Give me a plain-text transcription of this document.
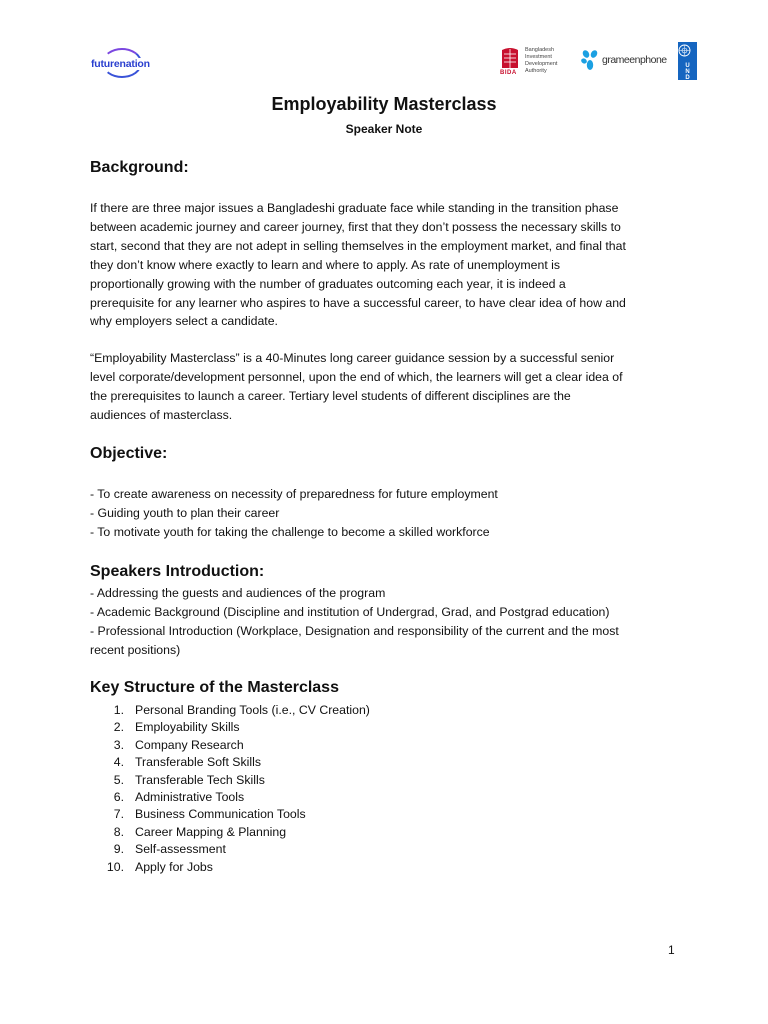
futurenation
Bangladesh Investment Development Authority
BIDA
grameenphone	U
N
D
P
Employability Masterclass
Speaker Note
Background:

If there are three major issues a Bangladeshi graduate face while standing in the transition phase
between academic journey and career journey, first that they don’t possess the necessary skills to
start, second that they are not adept in selling themselves in the employment market, and final that
they don’t know where exactly to learn and where to apply. As rate of unemployment is
proportionally growing with the number of graduates outcoming each year, it is indeed a
prerequisite for any learner who aspires to have a successful career, to have clear idea of how and
why employers select a candidate.

“Employability Masterclass” is a 40-Minutes long career guidance session by a successful senior
level corporate/development personnel, upon the end of which, the learners will get a clear idea of
the prerequisites to launch a career. Tertiary level students of different disciplines are the
audiences of masterclass.

Objective:

- To create awareness on necessity of preparedness for future employment
- Guiding youth to plan their career
- To motivate youth for taking the challenge to become a skilled workforce

Speakers Introduction:

- Addressing the guests and audiences of the program
- Academic Background (Discipline and institution of Undergrad, Grad, and Postgrad education)
- Professional Introduction (Workplace, Designation and responsibility of the current and the most
recent positions)

Key Structure of the Masterclass
1. Personal Branding Tools (i.e., CV Creation)
2. Employability Skills
3. Company Research
4. Transferable Soft Skills
5. Transferable Tech Skills
6. Administrative Tools
7. Business Communication Tools
8. Career Mapping & Planning
9. Self-assessment
10. Apply for Jobs
1
